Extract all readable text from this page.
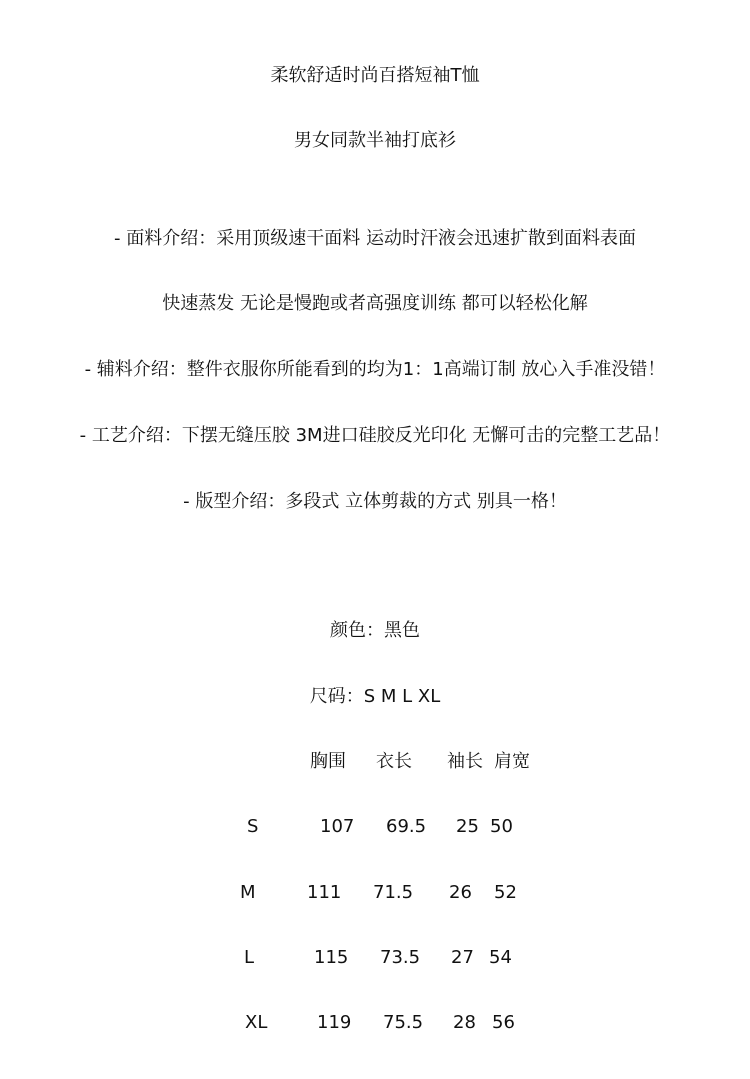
柔软舒适时尚百搭短袖T恤
男女同款半袖打底衫
- 面料介绍：采用顶级速干面料 运动时汗液会迅速扩散到面料表面
快速蒸发 无论是慢跑或者高强度训练 都可以轻松化解
- 辅料介绍：整件衣服你所能看到的均为1：1高端订制 放心入手准没错！
- 工艺介绍：下摆无缝压胶 3M进口硅胶反光印化 无懈可击的完整工艺品！
- 版型介绍：多段式 立体剪裁的方式 别具一格！
颜色：黑色
尺码：S M L XL
胸围 衣长 袖长 肩宽
S	107 69.5 25 50
M	111 71.5 26 52
L	115 73.5 27 54
XL	119 75.5 28 56
